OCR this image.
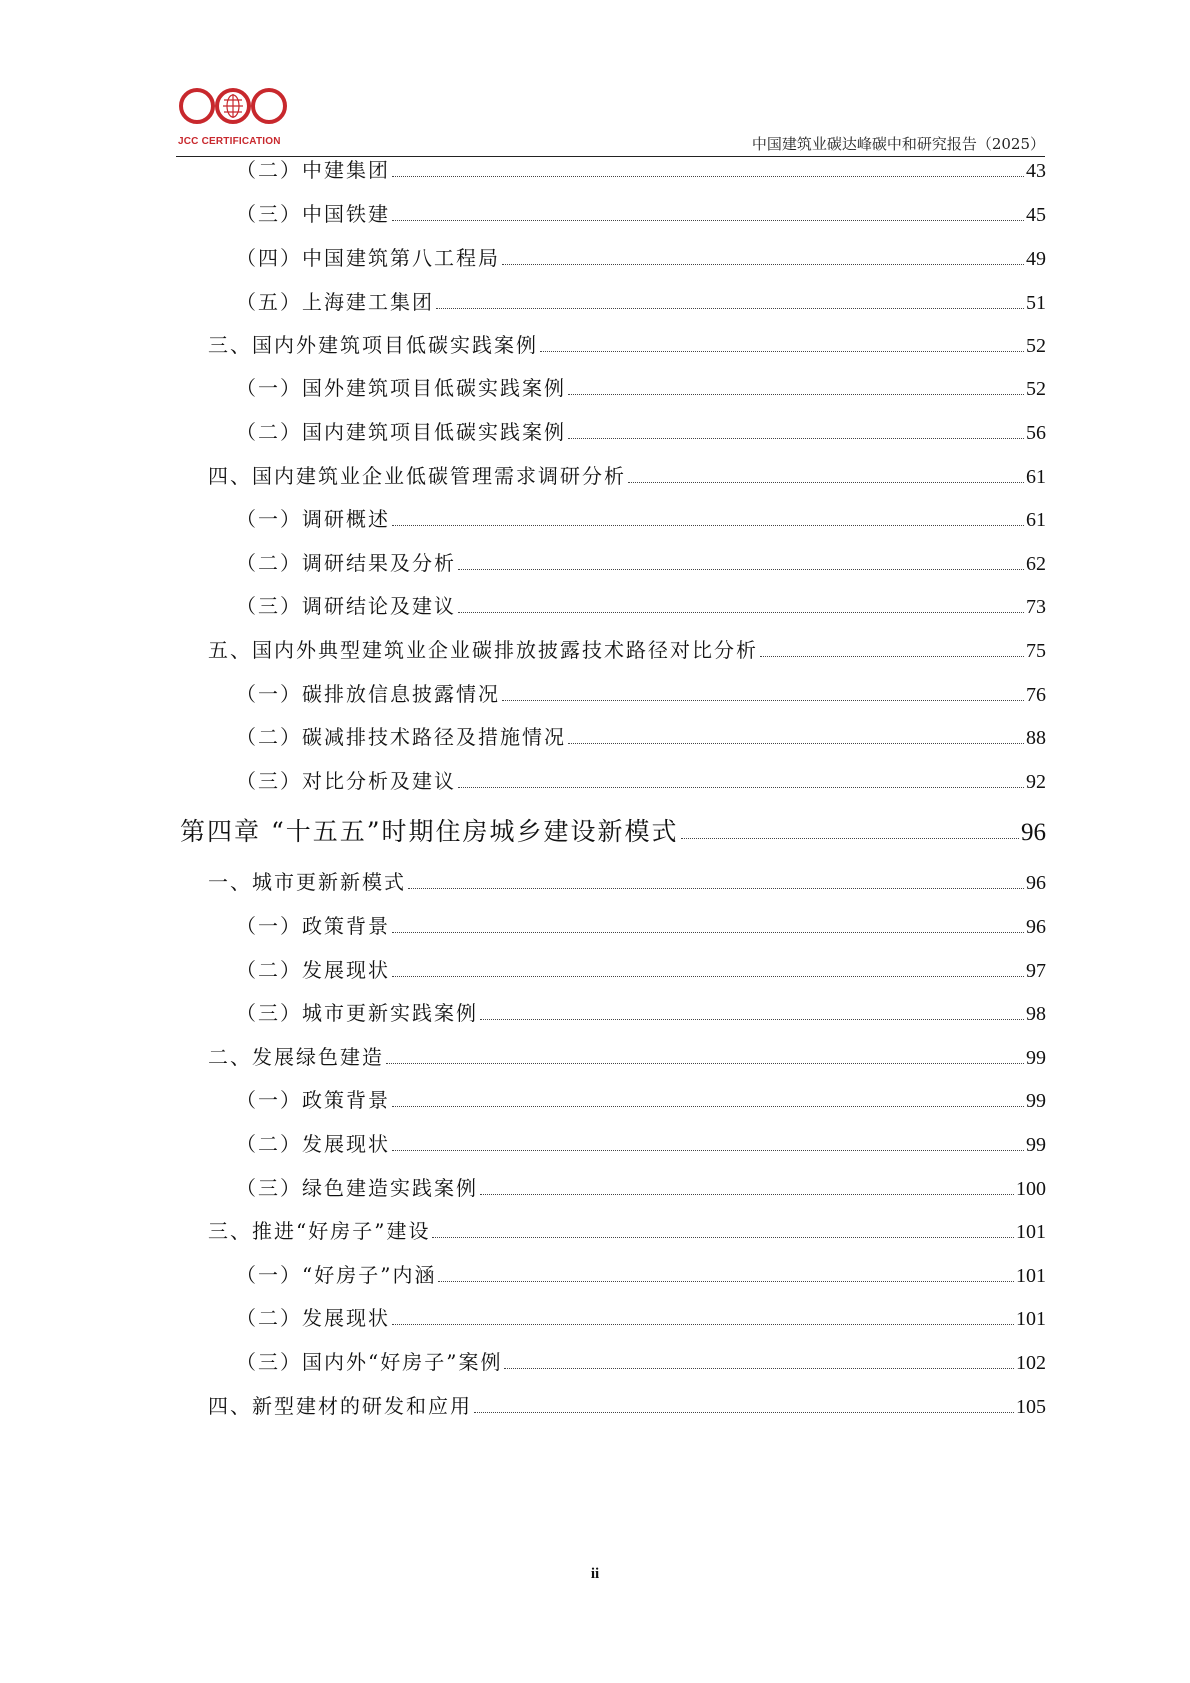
JCC CERTIFICATION	中国建筑业碳达峰碳中和研究报告（2025）
（二）中建集团	43
（三）中国铁建	45
（四）中国建筑第八工程局	49
（五）上海建工集团	51
三、国内外建筑项目低碳实践案例	52
（一）国外建筑项目低碳实践案例	52
（二）国内建筑项目低碳实践案例	56
四、国内建筑业企业低碳管理需求调研分析	61
（一）调研概述	61
（二）调研结果及分析	62
（三）调研结论及建议	73
五、国内外典型建筑业企业碳排放披露技术路径对比分析	75
（一）碳排放信息披露情况	76
（二）碳减排技术路径及措施情况	88
（三）对比分析及建议	92
第四章 “十五五”时期住房城乡建设新模式	96
一、城市更新新模式	96
（一）政策背景	96
（二）发展现状	97
（三）城市更新实践案例	98
二、发展绿色建造	99
（一）政策背景	99
（二）发展现状	99
（三）绿色建造实践案例	100
三、推进“好房子”建设	101
（一）“好房子”内涵	101
（二）发展现状	101
（三）国内外“好房子”案例	102
四、新型建材的研发和应用	105
ii
